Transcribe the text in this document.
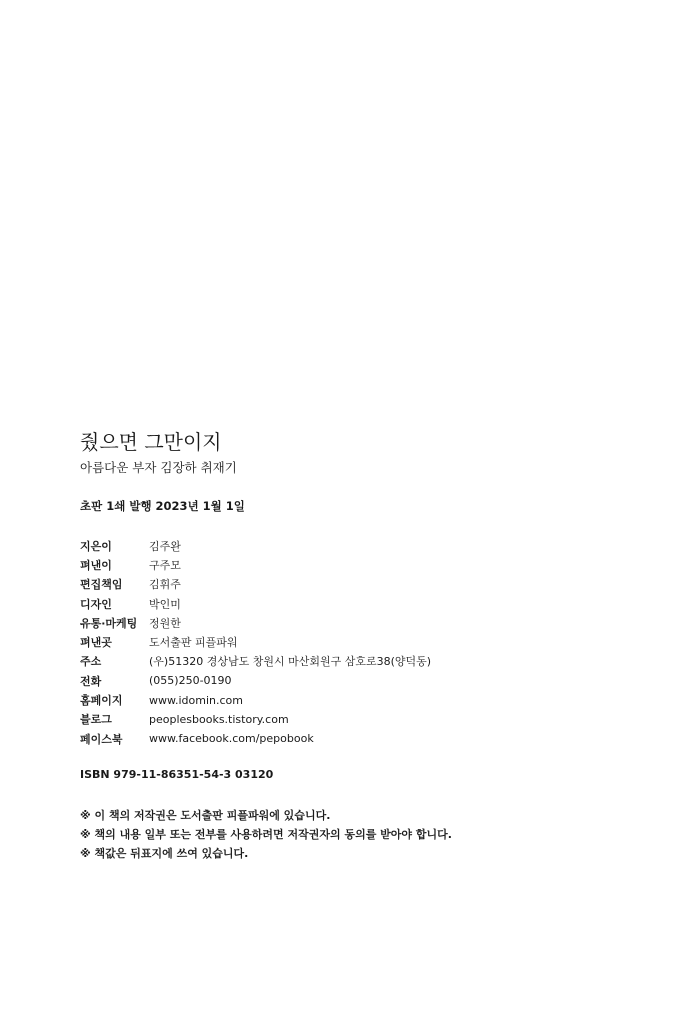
줬으면 그만이지

아름다운 부자 김장하 취재기

초판 1쇄 발행 2023년 1월 1일
지은이	김주완
펴낸이	구주모
편집책임	김휘주
디자인	박인미
유통·마케팅	정원한
펴낸곳	도서출판 피플파워
주소	(우)51320 경상남도 창원시 마산회원구 삼호로38(양덕동)
전화	(055)250-0190
홈페이지	www.idomin.com
블로그	peoplesbooks.tistory.com
페이스북	www.facebook.com/pepobook
ISBN 979-11-86351-54-3 03120
※ 이 책의 저작권은 도서출판 피플파워에 있습니다.
※ 책의 내용 일부 또는 전부를 사용하려면 저작권자의 동의를 받아야 합니다.
※ 책값은 뒤표지에 쓰여 있습니다.
